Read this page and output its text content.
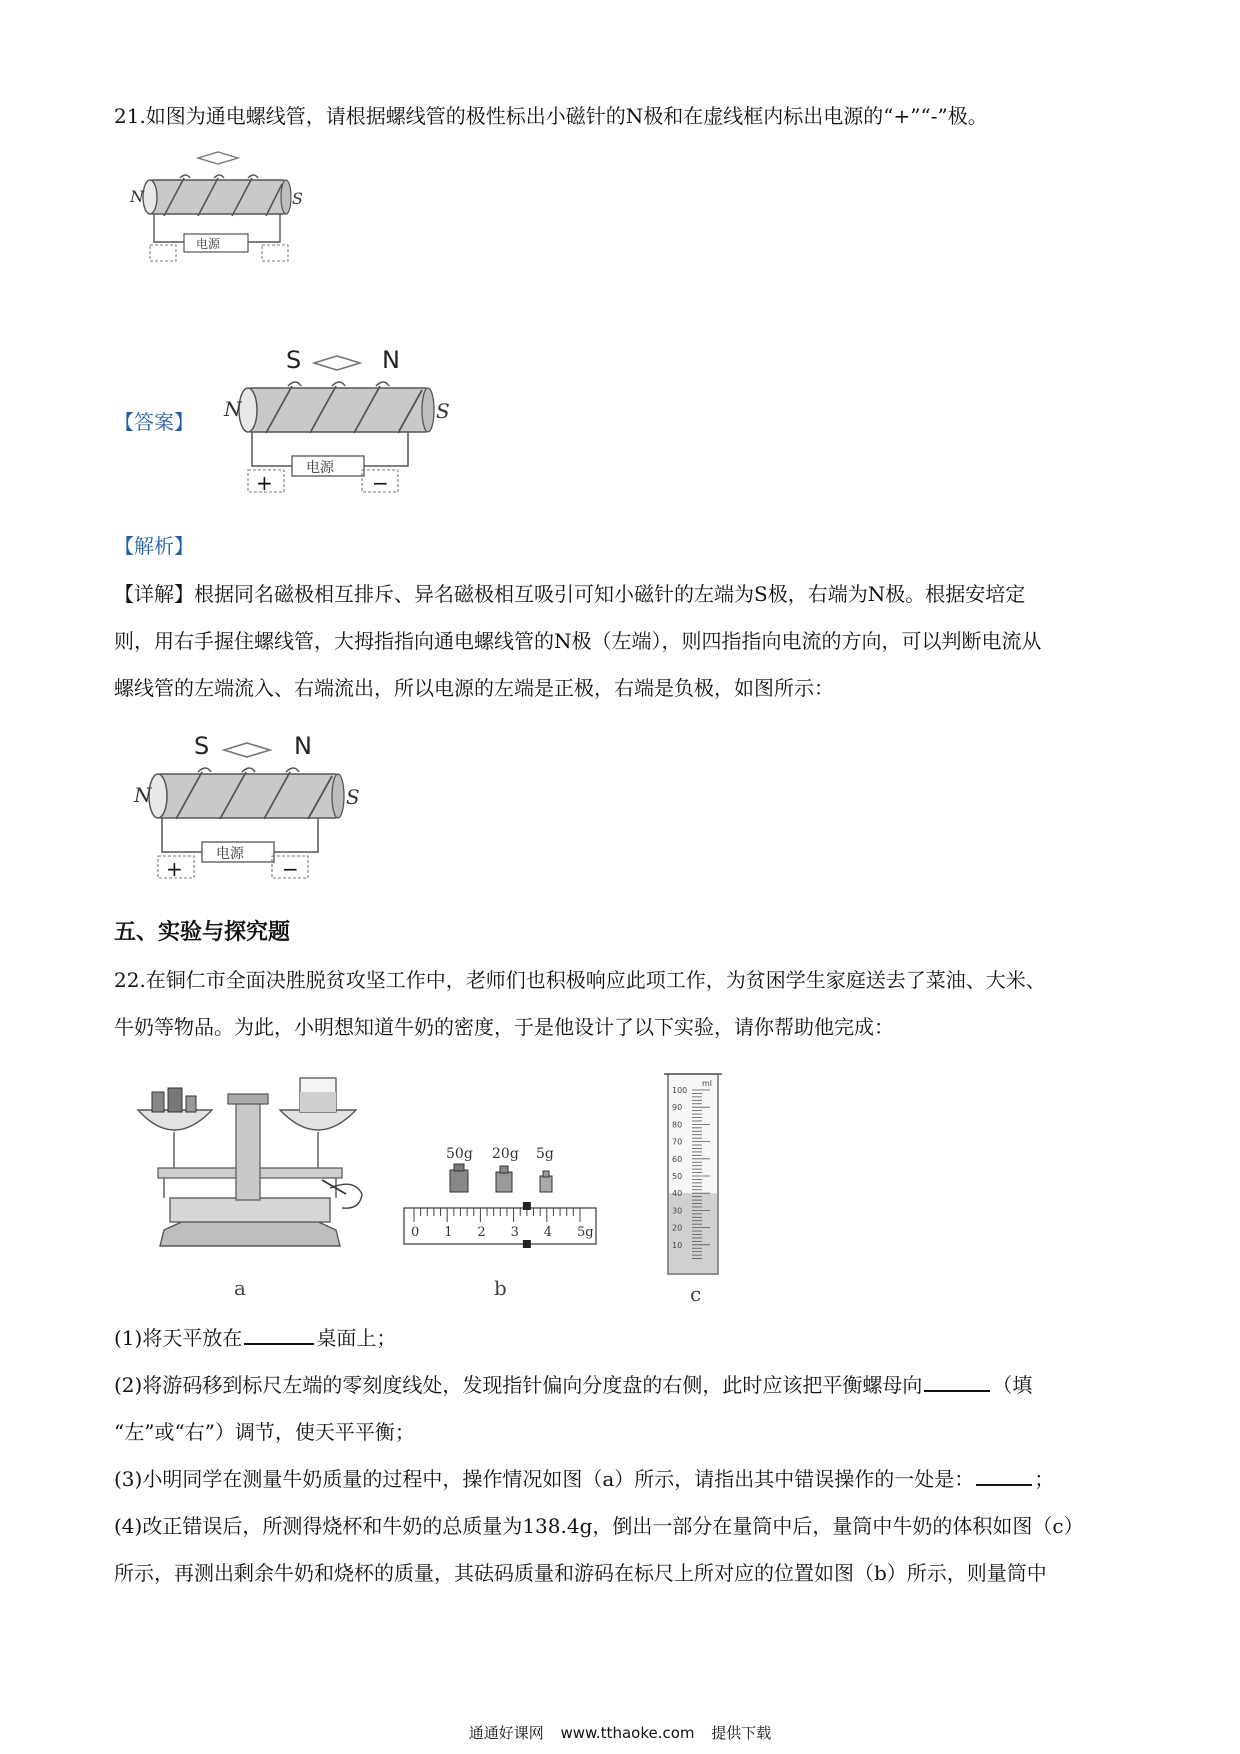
21.如图为通电螺线管，请根据螺线管的极性标出小磁针的N极和在虚线框内标出电源的“+”“-”极。
N	S
电源
【答案】
S	N
N	S
电源
+	−
【解析】
【详解】根据同名磁极相互排斥、异名磁极相互吸引可知小磁针的左端为S极，右端为N极。根据安培定
则，用右手握住螺线管，大拇指指向通电螺线管的N极（左端），则四指指向电流的方向，可以判断电流从
螺线管的左端流入、右端流出，所以电源的左端是正极，右端是负极，如图所示：
S	N
N	S
电源
+	−
五、实验与探究题
22.在铜仁市全面决胜脱贫攻坚工作中，老师们也积极响应此项工作，为贫困学生家庭送去了菜油、大米、
牛奶等物品。为此，小明想知道牛奶的密度，于是他设计了以下实验，请你帮助他完成：
a
50g 20g 5g
0 1 2 3 4 5g
b
ml
100
90
80
70
60
50
40
30
20
10
c
(1)将天平放在	桌面上；
(2)将游码移到标尺左端的零刻度线处，发现指针偏向分度盘的右侧，此时应该把平衡螺母向	（填
“左”或“右”）调节，使天平平衡；
(3)小明同学在测量牛奶质量的过程中，操作情况如图（a）所示，请指出其中错误操作的一处是：	；
(4)改正错误后，所测得烧杯和牛奶的总质量为138.4g，倒出一部分在量筒中后，量筒中牛奶的体积如图（c）
所示，再测出剩余牛奶和烧杯的质量，其砝码质量和游码在标尺上所对应的位置如图（b）所示，则量筒中
通通好课网 www.tthaoke.com 提供下载
